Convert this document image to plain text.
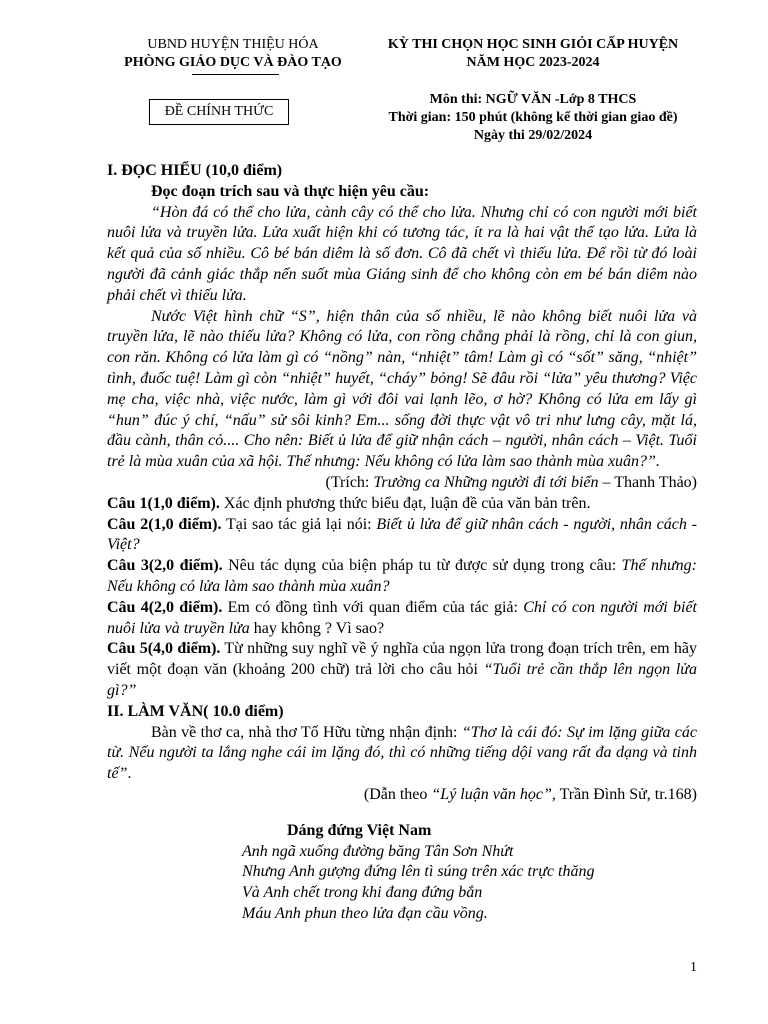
UBND HUYỆN THIỆU HÓA
PHÒNG GIÁO DỤC VÀ ĐÀO TẠO
ĐỀ CHÍNH THỨC
KỲ THI CHỌN HỌC SINH GIỎI CẤP HUYỆN
NĂM HỌC 2023-2024
Môn thi: NGỮ VĂN -Lớp 8 THCS
Thời gian: 150 phút (không kể thời gian giao đề)
Ngày thi 29/02/2024

I. ĐỌC HIỂU (10,0 điểm)

Đọc đoạn trích sau và thực hiện yêu cầu:

“Hòn đá có thể cho lửa, cành cây có thể cho lửa. Nhưng chỉ có con người mới biết nuôi lửa và truyền lửa. Lửa xuất hiện khi có tương tác, ít ra là hai vật thể tạo lửa. Lửa là kết quả của số nhiều. Cô bé bán diêm là số đơn. Cô đã chết vì thiếu lửa. Để rồi từ đó loài người đã cảnh giác thắp nến suốt mùa Giáng sinh để cho không còn em bé bán diêm nào phải chết vì thiếu lửa.

Nước Việt hình chữ “S”, hiện thân của số nhiều, lẽ nào không biết nuôi lửa và truyền lửa, lẽ nào thiếu lửa? Không có lửa, con rồng chẳng phải là rồng, chỉ là con giun, con răn. Không có lửa làm gì có “nồng” nàn, “nhiệt” tâm! Làm gì có “sốt” săng, “nhiệt” tình, đuốc tuệ! Làm gì còn “nhiệt” huyết, “cháy” bỏng! Sẽ đâu rồi “lửa” yêu thương? Việc mẹ cha, việc nhà, việc nước, làm gì với đôi vai lạnh lẽo, ơ hờ? Không có lửa em lấy gì “hun” đúc ý chí, “nấu” sử sôi kinh? Em... sống đời thực vật vô tri như lưng cây, mặt lá, đầu cành, thân cỏ.... Cho nên: Biết ủ lửa để giữ nhận cách – người, nhân cách – Việt. Tuổi trẻ là mùa xuân của xã hội. Thế nhưng: Nếu không có lửa làm sao thành mùa xuân?”.

(Trích: Trường ca Những người đi tới biển – Thanh Thảo)

Câu 1(1,0 điểm). Xác định phương thức biểu đạt, luận đề của văn bản trên.

Câu 2(1,0 điểm). Tại sao tác giả lại nói: Biết ủ lửa để giữ nhân cách - người, nhân cách - Việt?

Câu 3(2,0 điểm). Nêu tác dụng của biện pháp tu từ được sử dụng trong câu: Thế nhưng: Nếu không có lửa làm sao thành mùa xuân?

Câu 4(2,0 điểm). Em có đồng tình với quan điểm của tác giả: Chỉ có con người mới biết nuôi lửa và truyền lửa hay không ? Vì sao?

Câu 5(4,0 điểm). Từ những suy nghĩ về ý nghĩa của ngọn lửa trong đoạn trích trên, em hãy viết một đoạn văn (khoảng 200 chữ) trả lời cho câu hỏi “Tuổi trẻ cần thắp lên ngọn lửa gì?”

II. LÀM VĂN( 10.0 điểm)

Bàn về thơ ca, nhà thơ Tố Hữu từng nhận định: “Thơ là cái đó: Sự im lặng giữa các từ. Nếu người ta lắng nghe cái im lặng đó, thì có những tiếng dội vang rất đa dạng và tinh tế”.

(Dẫn theo “Lý luận văn học”, Trần Đình Sử, tr.168)

Dáng đứng Việt Nam

Anh ngã xuống đường băng Tân Sơn Nhứt

Nhưng Anh gượng đứng lên tì súng trên xác trực thăng

Và Anh chết trong khi đang đứng bắn

Máu Anh phun theo lửa đạn cầu vồng.

1
